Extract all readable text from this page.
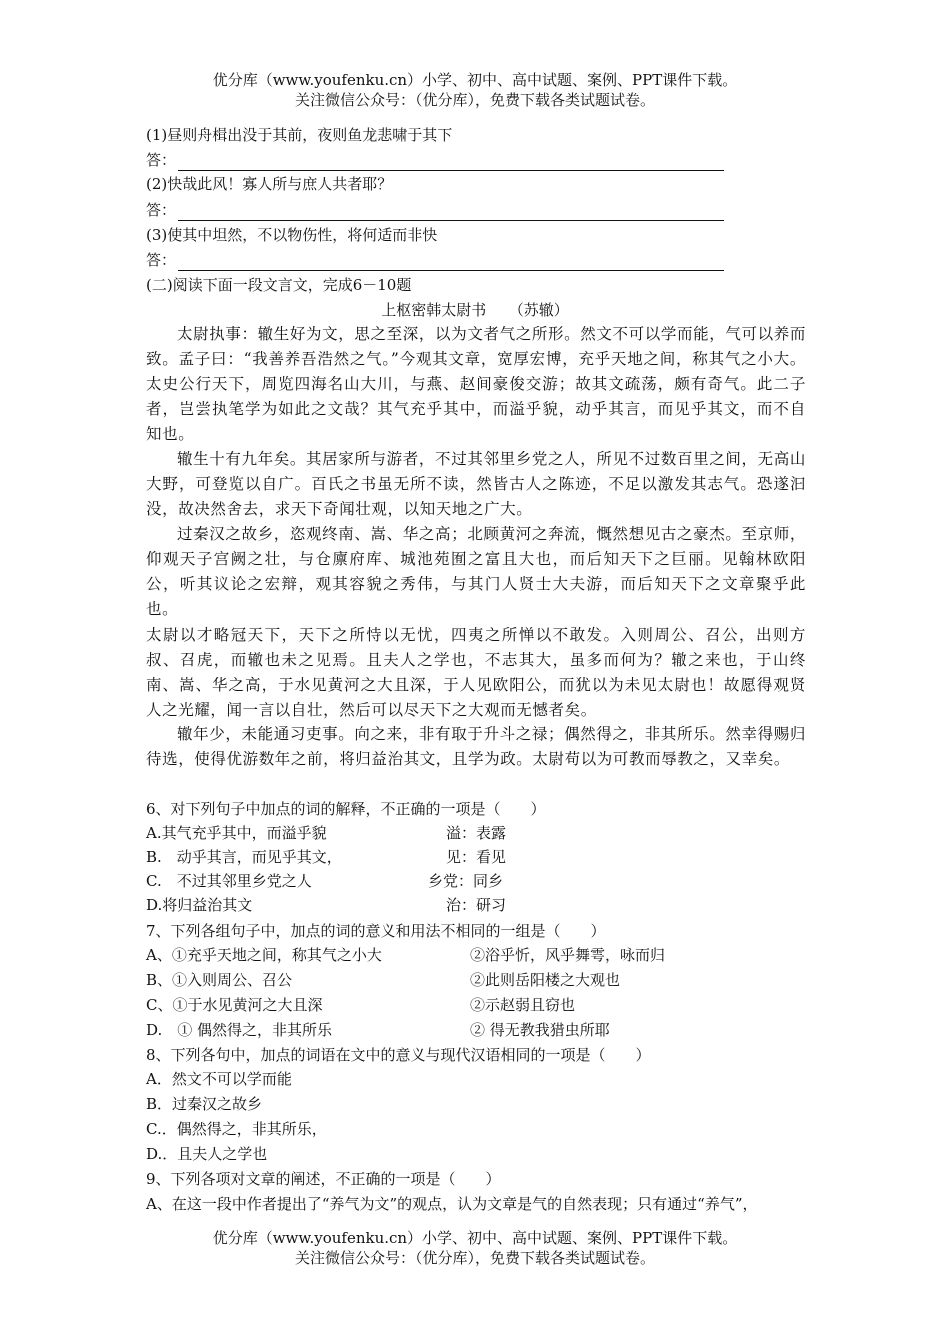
优分库（www.youfenku.cn）小学、初中、高中试题、案例、PPT课件下载。
关注微信公众号：（优分库），免费下载各类试题试卷。
(1)昼则舟楫出没于其前，夜则鱼龙悲啸于其下
答：
(2)快哉此风！寡人所与庶人共者耶？
答：
(3)使其中坦然，不以物伤性，将何适而非快
答：
(二)阅读下面一段文言文，完成6－10题
上枢密韩太尉书　　（苏辙）
太尉执事：辙生好为文，思之至深，以为文者气之所形。然文不可以学而能，气可以养而致。孟子曰：“我善养吾浩然之气。”今观其文章，宽厚宏博，充乎天地之间，称其气之小大。太史公行天下，周览四海名山大川，与燕、赵间豪俊交游；故其文疏荡，颇有奇气。此二子者，岂尝执笔学为如此之文哉？其气充乎其中，而溢乎貌，动乎其言，而见乎其文，而不自知也。
辙生十有九年矣。其居家所与游者，不过其邻里乡党之人，所见不过数百里之间，无高山大野，可登览以自广。百氏之书虽无所不读，然皆古人之陈迹，不足以激发其志气。恐遂汩没，故决然舍去，求天下奇闻壮观，以知天地之广大。
过秦汉之故乡，恣观终南、嵩、华之高；北顾黄河之奔流，慨然想见古之豪杰。至京师，仰观天子宫阙之壮，与仓廪府库、城池苑囿之富且大也，而后知天下之巨丽。见翰林欧阳公，听其议论之宏辩，观其容貌之秀伟，与其门人贤士大夫游，而后知天下之文章聚乎此也。
太尉以才略冠天下，天下之所恃以无忧，四夷之所惮以不敢发。入则周公、召公，出则方叔、召虎，而辙也未之见焉。且夫人之学也，不志其大，虽多而何为？辙之来也，于山终南、嵩、华之高，于水见黄河之大且深，于人见欧阳公，而犹以为未见太尉也！故愿得观贤人之光耀，闻一言以自壮，然后可以尽天下之大观而无憾者矣。
辙年少，未能通习吏事。向之来，非有取于升斗之禄；偶然得之，非其所乐。然幸得赐归待选，使得优游数年之前，将归益治其文，且学为政。太尉苟以为可教而辱教之，又幸矣。
6、对下列句子中加点的词的解释，不正确的一项是（　　）
A.其气充乎其中，而溢乎貌	溢：表露
B.　动乎其言，而见乎其文，	见：看见
C.　不过其邻里乡党之人	乡党：同乡
D.将归益治其文	治：研习
7、下列各组句子中，加点的词的意义和用法不相同的一组是（　　）
A、①充乎天地之间，称其气之小大	②浴乎忻，风乎舞雩，咏而归
B、①入则周公、召公	②此则岳阳楼之大观也
C、①于水见黄河之大且深	②示赵弱且窃也
D.　① 偶然得之，非其所乐	② 得无教我猎虫所耶
8、下列各句中，加点的词语在文中的意义与现代汉语相同的一项是（　　）
A．然文不可以学而能
B．过秦汉之故乡
C.．偶然得之，非其所乐，
D.．且夫人之学也
9、下列各项对文章的阐述，不正确的一项是（　　）
A、在这一段中作者提出了“养气为文”的观点，认为文章是气的自然表现；只有通过“养气”，
优分库（www.youfenku.cn）小学、初中、高中试题、案例、PPT课件下载。
关注微信公众号：（优分库），免费下载各类试题试卷。
